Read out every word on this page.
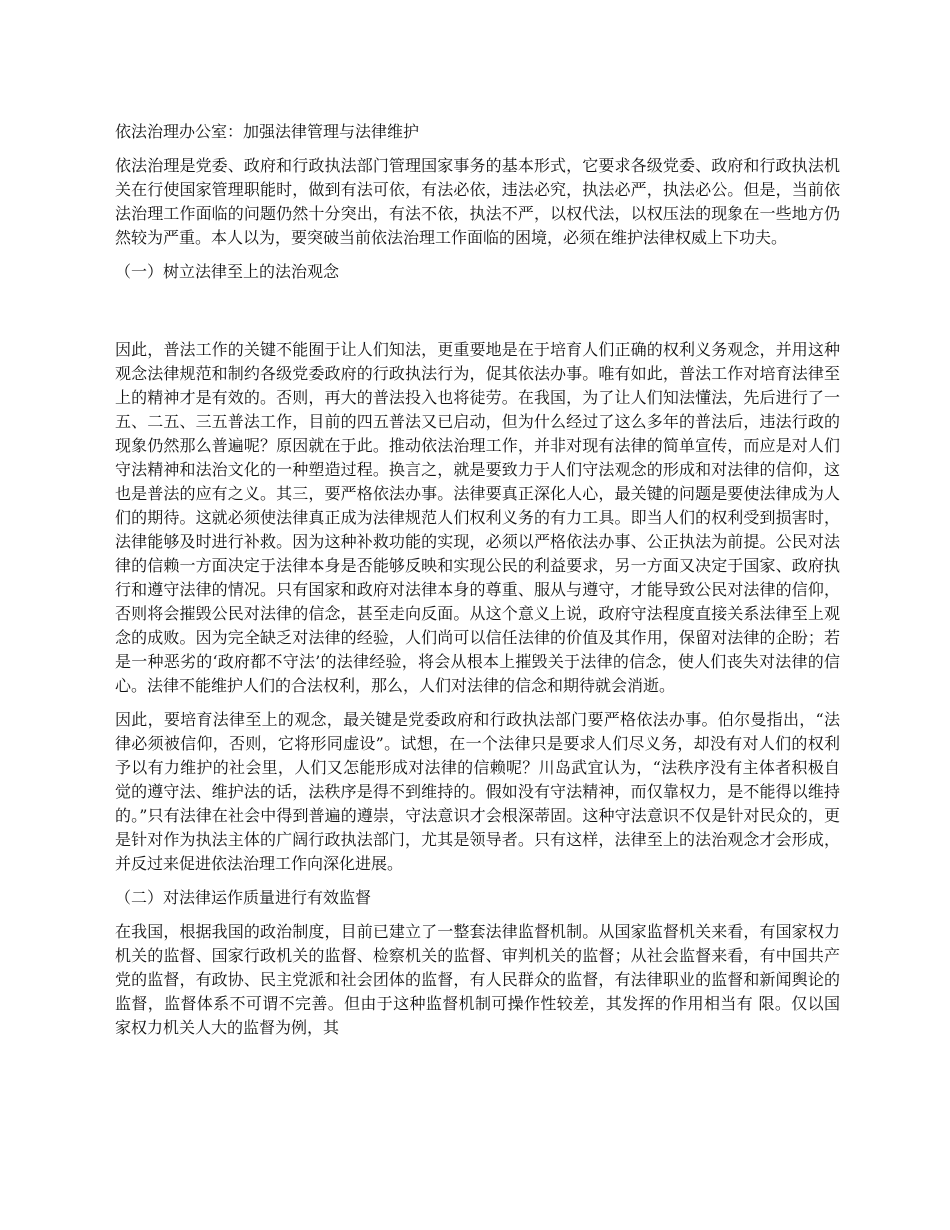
依法治理办公室：加强法律管理与法律维护

依法治理是党委、政府和行政执法部门管理国家事务的基本形式，它要求各级党委、政府和行政执法机关在行使国家管理职能时，做到有法可依，有法必依，违法必究，执法必严，执法必公。但是，当前依法治理工作面临的问题仍然十分突出，有法不依，执法不严，以权代法，以权压法的现象在一些地方仍然较为严重。本人以为，要突破当前依法治理工作面临的困境，必须在维护法律权威上下功夫。

（一）树立法律至上的法治观念

因此，普法工作的关键不能囿于让人们知法，更重要地是在于培育人们正确的权利义务观念，并用这种观念法律规范和制约各级党委政府的行政执法行为，促其依法办事。唯有如此，普法工作对培育法律至上的精神才是有效的。否则，再大的普法投入也将徒劳。在我国，为了让人们知法懂法，先后进行了一五、二五、三五普法工作，目前的四五普法又已启动，但为什么经过了这么多年的普法后，违法行政的现象仍然那么普遍呢？原因就在于此。推动依法治理工作，并非对现有法律的简单宣传，而应是对人们守法精神和法治文化的一种塑造过程。换言之，就是要致力于人们守法观念的形成和对法律的信仰，这也是普法的应有之义。其三，要严格依法办事。法律要真正深化人心，最关键的问题是要使法律成为人们的期待。这就必须使法律真正成为法律规范人们权利义务的有力工具。即当人们的权利受到损害时，法律能够及时进行补救。因为这种补救功能的实现，必须以严格依法办事、公正执法为前提。公民对法律的信赖一方面决定于法律本身是否能够反映和实现公民的利益要求，另一方面又决定于国家、政府执行和遵守法律的情况。只有国家和政府对法律本身的尊重、服从与遵守，才能导致公民对法律的信仰，否则将会摧毁公民对法律的信念，甚至走向反面。从这个意义上说，政府守法程度直接关系法律至上观念的成败。因为完全缺乏对法律的经验，人们尚可以信任法律的价值及其作用，保留对法律的企盼；若是一种恶劣的‘政府都不守法’的法律经验，将会从根本上摧毁关于法律的信念，使人们丧失对法律的信心。法律不能维护人们的合法权利，那么，人们对法律的信念和期待就会消逝。

因此，要培育法律至上的观念，最关键是党委政府和行政执法部门要严格依法办事。伯尔曼指出，“法律必须被信仰，否则，它将形同虚设”。试想，在一个法律只是要求人们尽义务，却没有对人们的权利予以有力维护的社会里，人们又怎能形成对法律的信赖呢？川岛武宜认为，“法秩序没有主体者积极自觉的遵守法、维护法的话，法秩序是得不到维持的。假如没有守法精神，而仅靠权力，是不能得以维持的。”只有法律在社会中得到普遍的遵崇，守法意识才会根深蒂固。这种守法意识不仅是针对民众的，更是针对作为执法主体的广阔行政执法部门，尤其是领导者。只有这样，法律至上的法治观念才会形成，并反过来促进依法治理工作向深化进展。

（二）对法律运作质量进行有效监督

在我国，根据我国的政治制度，目前已建立了一整套法律监督机制。从国家监督机关来看，有国家权力机关的监督、国家行政机关的监督、检察机关的监督、审判机关的监督；从社会监督来看，有中国共产党的监督，有政协、民主党派和社会团体的监督，有人民群众的监督，有法律职业的监督和新闻舆论的监督，监督体系不可谓不完善。但由于这种监督机制可操作性较差，其发挥的作用相当有 限。仅以国家权力机关人大的监督为例，其
